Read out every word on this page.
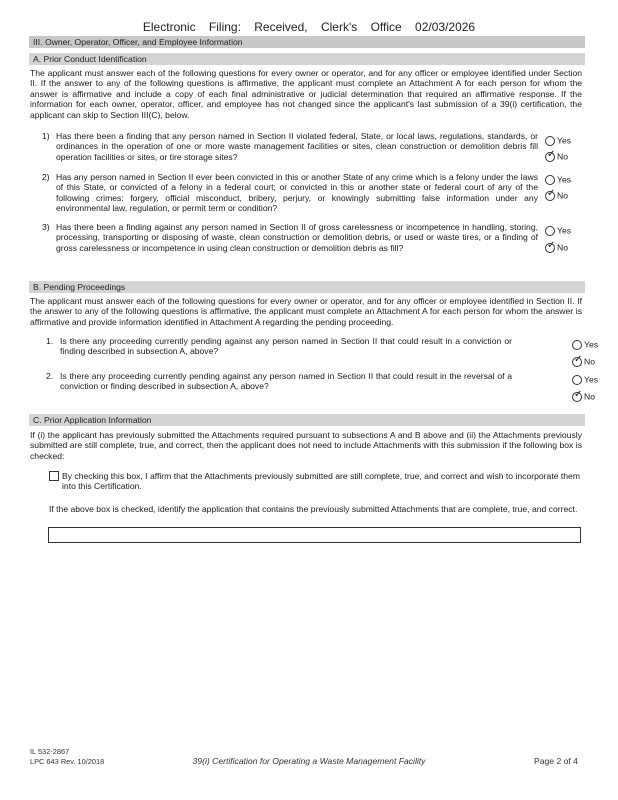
Electronic Filing: Received, Clerk's Office 02/03/2026
III. Owner, Operator, Officer, and Employee Information
A. Prior Conduct Identification
The applicant must answer each of the following questions for every owner or operator, and for any officer or employee identified under Section II. If the answer to any of the following questions is affirmative, the applicant must complete an Attachment A for each person for whom the answer is affirmative and include a copy of each final administrative or judicial determination that required an affirmative response. If the information for each owner, operator, officer, and employee has not changed since the applicant's last submission of a 39(i) certification, the applicant can skip to Section III(C), below.
1) Has there been a finding that any person named in Section II violated federal, State, or local laws, regulations, standards, or ordinances in the operation of one or more waste management facilities or sites, clean construction or demolition debris fill operation facilities or sites, or tire storage sites?
Yes
✓ No
2) Has any person named in Section II ever been convicted in this or another State of any crime which is a felony under the laws of this State, or convicted of a felony in a federal court; or convicted in this or another state or federal court of any of the following crimes: forgery, official misconduct, bribery, perjury, or knowingly submitting false information under any environmental law, regulation, or permit term or condition?
Yes
✓ No
3) Has there been a finding against any person named in Section II of gross carelessness or incompetence in handling, storing, processing, transporting or disposing of waste, clean construction or demolition debris, or used or waste tires, or a finding of gross carelessness or incompetence in using clean construction or demolition debris as fill?
Yes
✓ No
B. Pending Proceedings
The applicant must answer each of the following questions for every owner or operator, and for any officer or employee identified in Section II. If the answer to any of the following questions is affirmative, the applicant must complete an Attachment A for each person for whom the answer is affirmative and provide information identified in Attachment A regarding the pending proceeding.
1. Is there any proceeding currently pending against any person named in Section II that could result in a conviction or finding described in subsection A, above?
Yes
✓ No
2. Is there any proceeding currently pending against any person named in Section II that could result in the reversal of a conviction or finding described in subsection A, above?
Yes
✓ No
C. Prior Application Information
If (i) the applicant has previously submitted the Attachments required pursuant to subsections A and B above and (ii) the Attachments previously submitted are still complete, true, and correct, then the applicant does not need to include Attachments with this submission if the following box is checked:
By checking this box, I affirm that the Attachments previously submitted are still complete, true, and correct and wish to incorporate them into this Certification.
If the above box is checked, identify the application that contains the previously submitted Attachments that are complete, true, and correct.
IL 532-2867
LPC 643 Rev. 10/2018	39(i) Certification for Operating a Waste Management Facility	Page 2 of 4
